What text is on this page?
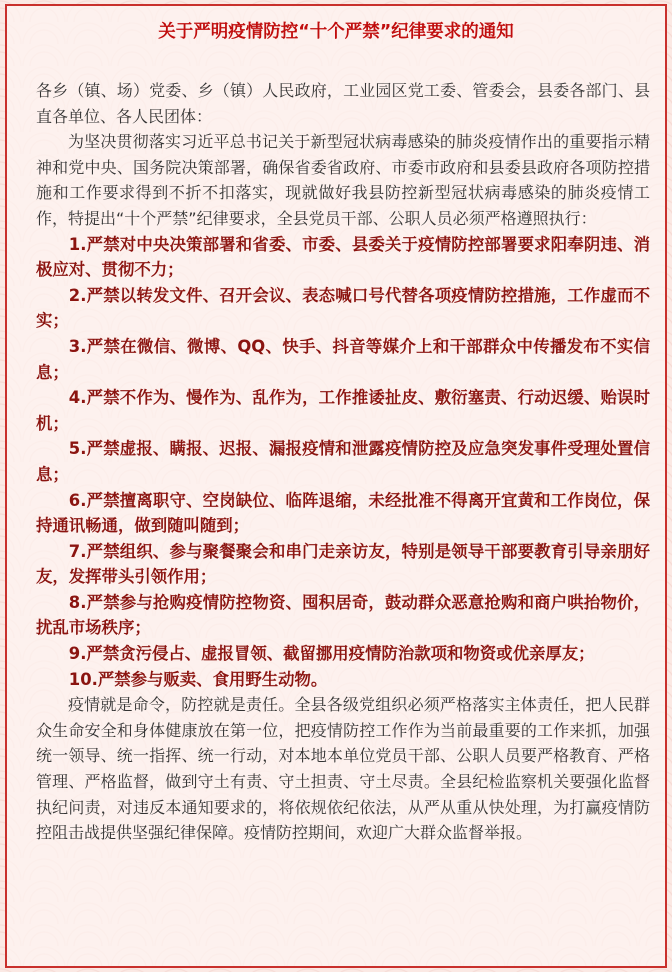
关于严明疫情防控“十个严禁”纪律要求的通知

各乡（镇、场）党委、乡（镇）人民政府，工业园区党工委、管委会，县委各部门、县直各单位、各人民团体：

为坚决贯彻落实习近平总书记关于新型冠状病毒感染的肺炎疫情作出的重要指示精神和党中央、国务院决策部署，确保省委省政府、市委市政府和县委县政府各项防控措施和工作要求得到不折不扣落实，现就做好我县防控新型冠状病毒感染的肺炎疫情工作，特提出“十个严禁”纪律要求，全县党员干部、公职人员必须严格遵照执行：

1.严禁对中央决策部署和省委、市委、县委关于疫情防控部署要求阳奉阴违、消极应对、贯彻不力；

2.严禁以转发文件、召开会议、表态喊口号代替各项疫情防控措施，工作虚而不实；

3.严禁在微信、微博、QQ、快手、抖音等媒介上和干部群众中传播发布不实信息；

4.严禁不作为、慢作为、乱作为，工作推诿扯皮、敷衍塞责、行动迟缓、贻误时机；

5.严禁虚报、瞒报、迟报、漏报疫情和泄露疫情防控及应急突发事件受理处置信息；

6.严禁擅离职守、空岗缺位、临阵退缩，未经批准不得离开宜黄和工作岗位，保持通讯畅通，做到随叫随到；

7.严禁组织、参与聚餐聚会和串门走亲访友，特别是领导干部要教育引导亲朋好友，发挥带头引领作用；

8.严禁参与抢购疫情防控物资、囤积居奇，鼓动群众恶意抢购和商户哄抬物价，扰乱市场秩序；

9.严禁贪污侵占、虚报冒领、截留挪用疫情防治款项和物资或优亲厚友；

10.严禁参与贩卖、食用野生动物。

疫情就是命令，防控就是责任。全县各级党组织必须严格落实主体责任，把人民群众生命安全和身体健康放在第一位，把疫情防控工作作为当前最重要的工作来抓，加强统一领导、统一指挥、统一行动，对本地本单位党员干部、公职人员要严格教育、严格管理、严格监督，做到守土有责、守土担责、守土尽责。全县纪检监察机关要强化监督执纪问责，对违反本通知要求的，将依规依纪依法，从严从重从快处理，为打赢疫情防控阻击战提供坚强纪律保障。疫情防控期间，欢迎广大群众监督举报。
